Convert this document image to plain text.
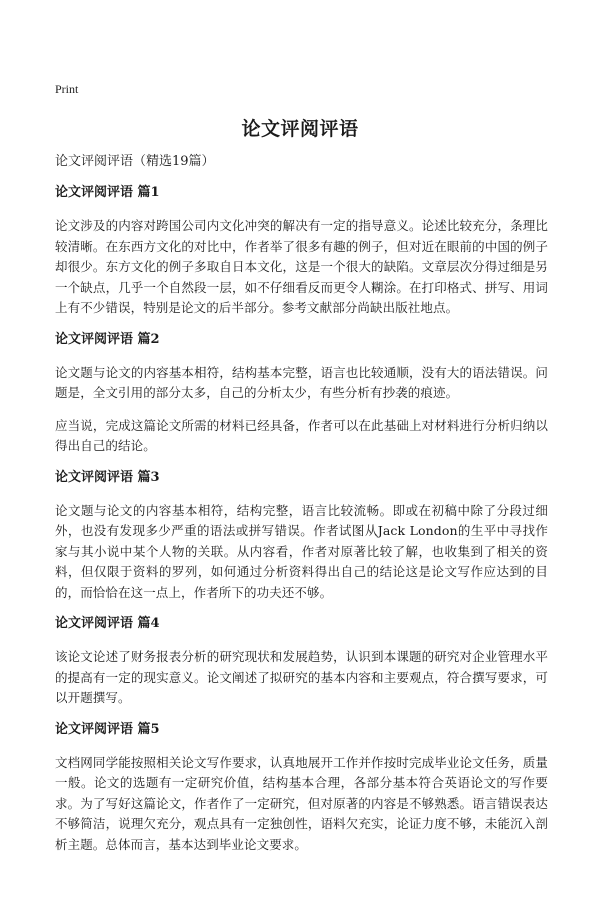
Print
论文评阅评语

论文评阅评语（精选19篇）

论文评阅评语 篇1

论文涉及的内容对跨国公司内文化冲突的解决有一定的指导意义。论述比较充分，条理比较清晰。在东西方文化的对比中，作者举了很多有趣的例子，但对近在眼前的中国的例子却很少。东方文化的例子多取自日本文化，这是一个很大的缺陷。文章层次分得过细是另一个缺点，几乎一个自然段一层，如不仔细看反而更令人糊涂。在打印格式、拼写、用词上有不少错误，特别是论文的后半部分。参考文献部分尚缺出版社地点。

论文评阅评语 篇2

论文题与论文的内容基本相符，结构基本完整，语言也比较通顺，没有大的语法错误。问题是，全文引用的部分太多，自己的分析太少，有些分析有抄袭的痕迹。

应当说，完成这篇论文所需的材料已经具备，作者可以在此基础上对材料进行分析归纳以得出自己的结论。

论文评阅评语 篇3

论文题与论文的内容基本相符，结构完整，语言比较流畅。即或在初稿中除了分段过细外，也没有发现多少严重的语法或拼写错误。作者试图从Jack London的生平中寻找作家与其小说中某个人物的关联。从内容看，作者对原著比较了解，也收集到了相关的资料，但仅限于资料的罗列，如何通过分析资料得出自己的结论这是论文写作应达到的目的，而恰恰在这一点上，作者所下的功夫还不够。

论文评阅评语 篇4

该论文论述了财务报表分析的研究现状和发展趋势，认识到本课题的研究对企业管理水平的提高有一定的现实意义。论文阐述了拟研究的基本内容和主要观点，符合撰写要求，可以开题撰写。

论文评阅评语 篇5

文档网同学能按照相关论文写作要求，认真地展开工作并作按时完成毕业论文任务，质量一般。论文的选题有一定研究价值，结构基本合理，各部分基本符合英语论文的写作要求。为了写好这篇论文，作者作了一定研究，但对原著的内容是不够熟悉。语言错误表达不够简洁，说理欠充分，观点具有一定独创性，语料欠充实，论证力度不够，未能沉入剖析主题。总体而言，基本达到毕业论文要求。
